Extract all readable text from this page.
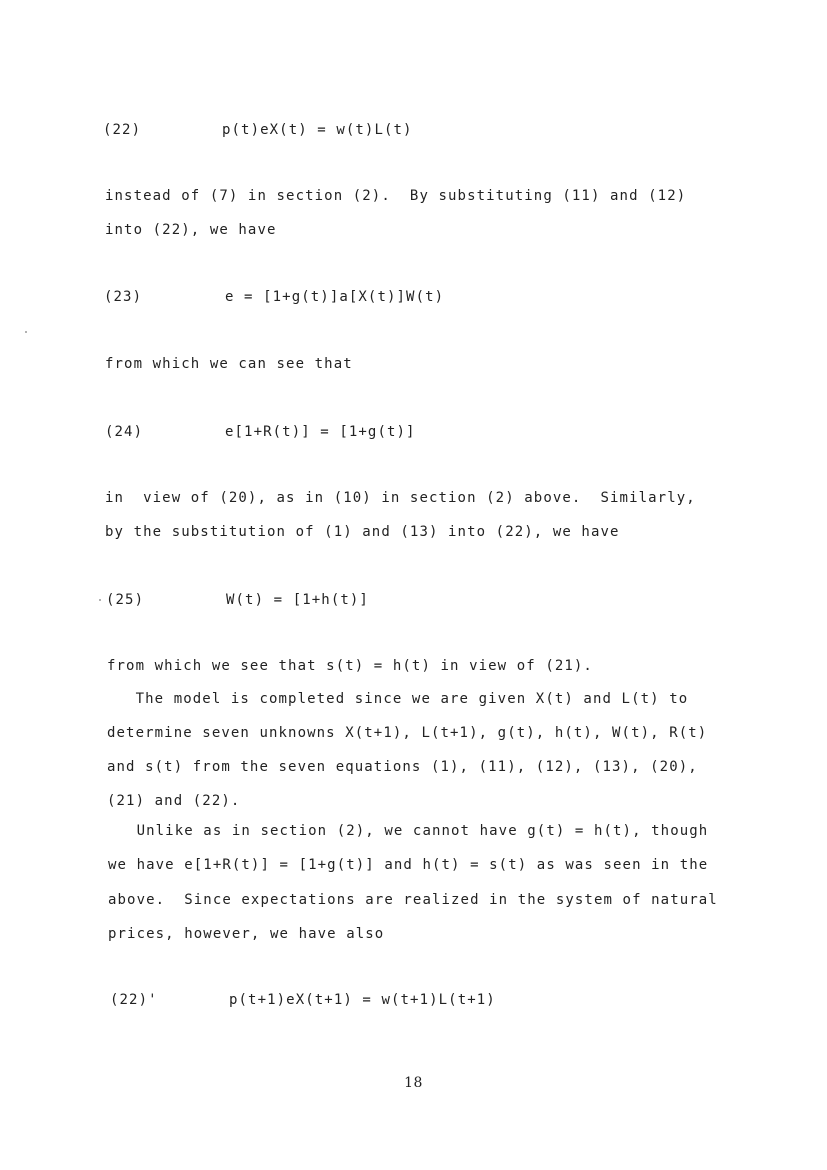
(22)	p(t)eX(t) = w(t)L(t)
instead of (7) in section (2).  By substituting (11) and (12)
into (22), we have
(23)	e = [1+g(t)]a[X(t)]W(t)
from which we can see that
(24)	e[1+R(t)] = [1+g(t)]
in  view of (20), as in (10) in section (2) above.  Similarly,
by the substitution of (1) and (13) into (22), we have
(25)	W(t) = [1+h(t)]
from which we see that s(t) = h(t) in view of (21).
The model is completed since we are given X(t) and L(t) to
determine seven unknowns X(t+1), L(t+1), g(t), h(t), W(t), R(t)
and s(t) from the seven equations (1), (11), (12), (13), (20),
(21) and (22).
Unlike as in section (2), we cannot have g(t) = h(t), though
we have e[1+R(t)] = [1+g(t)] and h(t) = s(t) as was seen in the
above.  Since expectations are realized in the system of natural
prices, however, we have also
(22)'	p(t+1)eX(t+1) = w(t+1)L(t+1)
18
